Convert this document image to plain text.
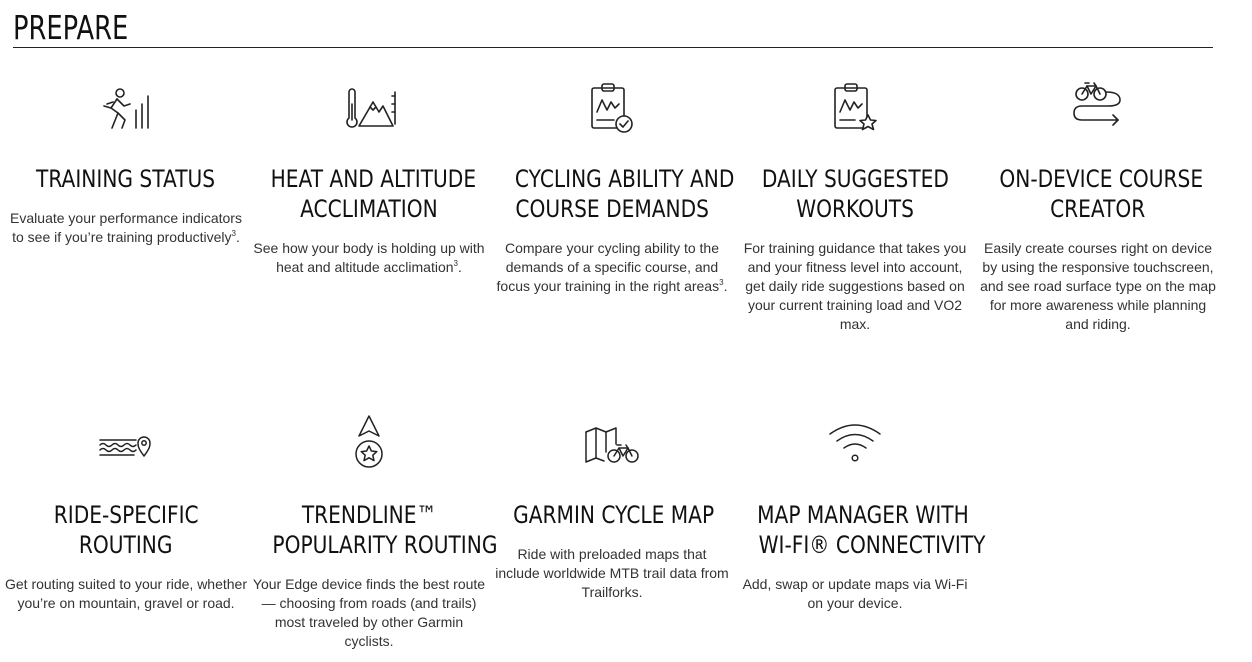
PREPARE
TRAINING STATUS

Evaluate your performance indicators to see if you’re training productively$^3$.

HEAT AND ALTITUDE
ACCLIMATION

See how your body is holding up with heat and altitude acclimation$^3$.

CYCLING ABILITY AND
COURSE DEMANDS

Compare your cycling ability to the demands of a specific course, and focus your training in the right areas$^3$.

DAILY SUGGESTED
WORKOUTS

For training guidance that takes you and your fitness level into account, get daily ride suggestions based on your current training load and VO2 max.

ON-DEVICE COURSE
CREATOR

Easily create courses right on device by using the responsive touchscreen, and see road surface type on the map for more awareness while planning and riding.

RIDE-SPECIFIC
ROUTING

Get routing suited to your ride, whether you’re on mountain, gravel or road.

TRENDLINE™
POPULARITY ROUTING

Your Edge device finds the best route — choosing from roads (and trails) most traveled by other Garmin cyclists.

GARMIN CYCLE MAP

Ride with preloaded maps that include worldwide MTB trail data from Trailforks.

MAP MANAGER WITH
WI-FI® CONNECTIVITY

Add, swap or update maps via Wi-Fi on your device.
